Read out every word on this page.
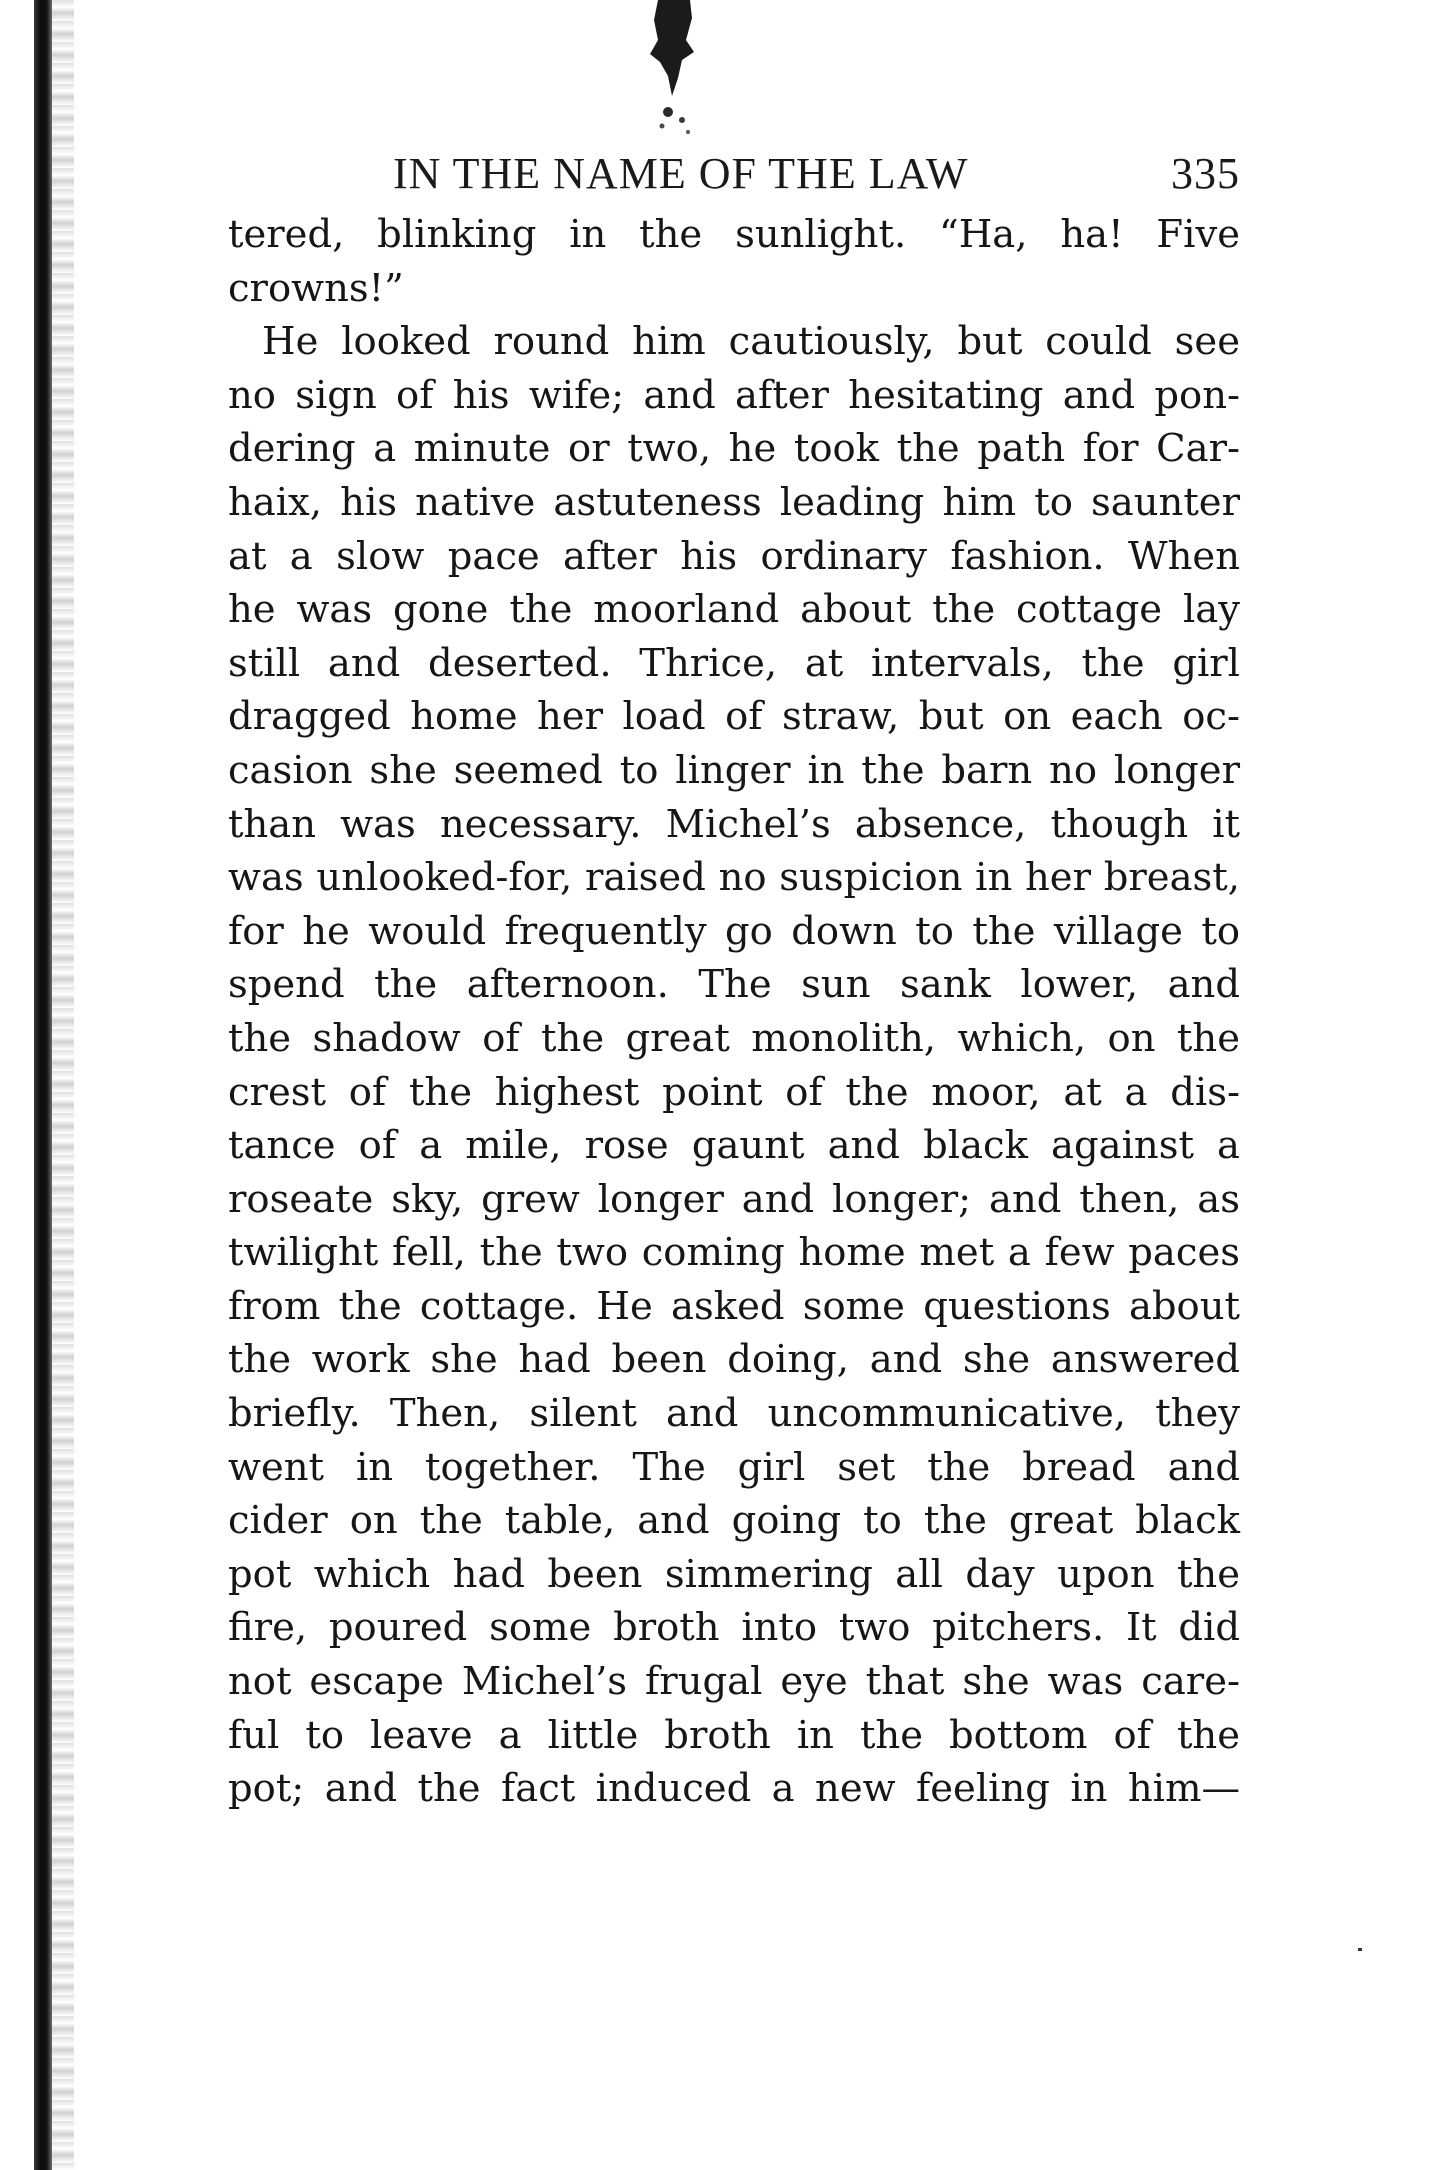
IN THE NAME OF THE LAW	335
tered, blinking in the sunlight. “Ha, ha! Five
crowns!”
He looked round him cautiously, but could see
no sign of his wife; and after hesitating and pon-
dering a minute or two, he took the path for Car-
haix, his native astuteness leading him to saunter
at a slow pace after his ordinary fashion. When
he was gone the moorland about the cottage lay
still and deserted. Thrice, at intervals, the girl
dragged home her load of straw, but on each oc-
casion she seemed to linger in the barn no longer
than was necessary. Michel’s absence, though it
was unlooked-for, raised no suspicion in her breast,
for he would frequently go down to the village to
spend the afternoon. The sun sank lower, and
the shadow of the great monolith, which, on the
crest of the highest point of the moor, at a dis-
tance of a mile, rose gaunt and black against a
roseate sky, grew longer and longer; and then, as
twilight fell, the two coming home met a few paces
from the cottage. He asked some questions about
the work she had been doing, and she answered
briefly. Then, silent and uncommunicative, they
went in together. The girl set the bread and
cider on the table, and going to the great black
pot which had been simmering all day upon the
fire, poured some broth into two pitchers. It did
not escape Michel’s frugal eye that she was care-
ful to leave a little broth in the bottom of the
pot; and the fact induced a new feeling in him—
